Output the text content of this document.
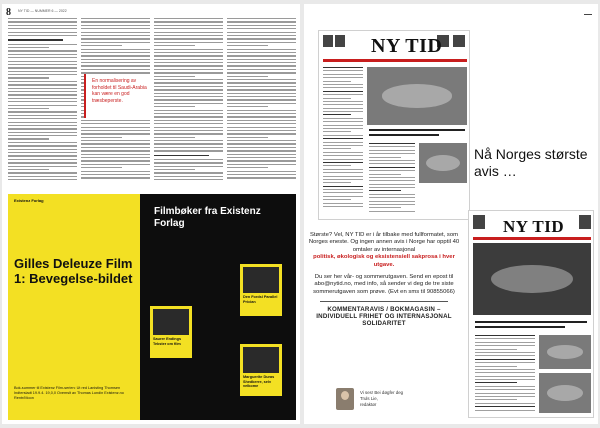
8 NY TID — NUMMER 6 — 2022

En normalisering av forholdet til Saudi-Arabia kan være en god træsbeperste.

Existenz Forlag
Gilles Deleuze Film 1: Bevegelse-bildet
Bok-summer til Existenz Film-serien: Ut red Lanisting Thomsen Indtersladt 19.9.4. 19,0,0 Ovemslt av Thomas Lundin Existenz.no Rentr/Moon
Filmbøker fra Existenz Forlag
Den Fordsl Parallel Prician
Saurer Endings Tekster om film
Marguerite Duras Shedkerre, selv velkome
NY TID
Nå Norges største avis …

Største? Vel, NY TID er i år tilbake med fullformatet, som Norges eneste. Og ingen annen avis i Norge har opptil 40 omtaler av internasjonal

politisk, økologisk og eksistensiell sakprosa i hver utgave.

Du ser her vår- og sommerutgaven. Send en epost til abo@nytid.no, med info, så sender vi deg de tre siste sommerutgaven som prøve. (Evt en sms til 90855066)

KOMMENTARAVIS / BOKMAGASIN – INDIVIDUELL FRIHET OG INTERNASJONAL SOLIDARITET

Vi ses! Bei døgfer deg
Truls Lie,
redaktør
NY TID
